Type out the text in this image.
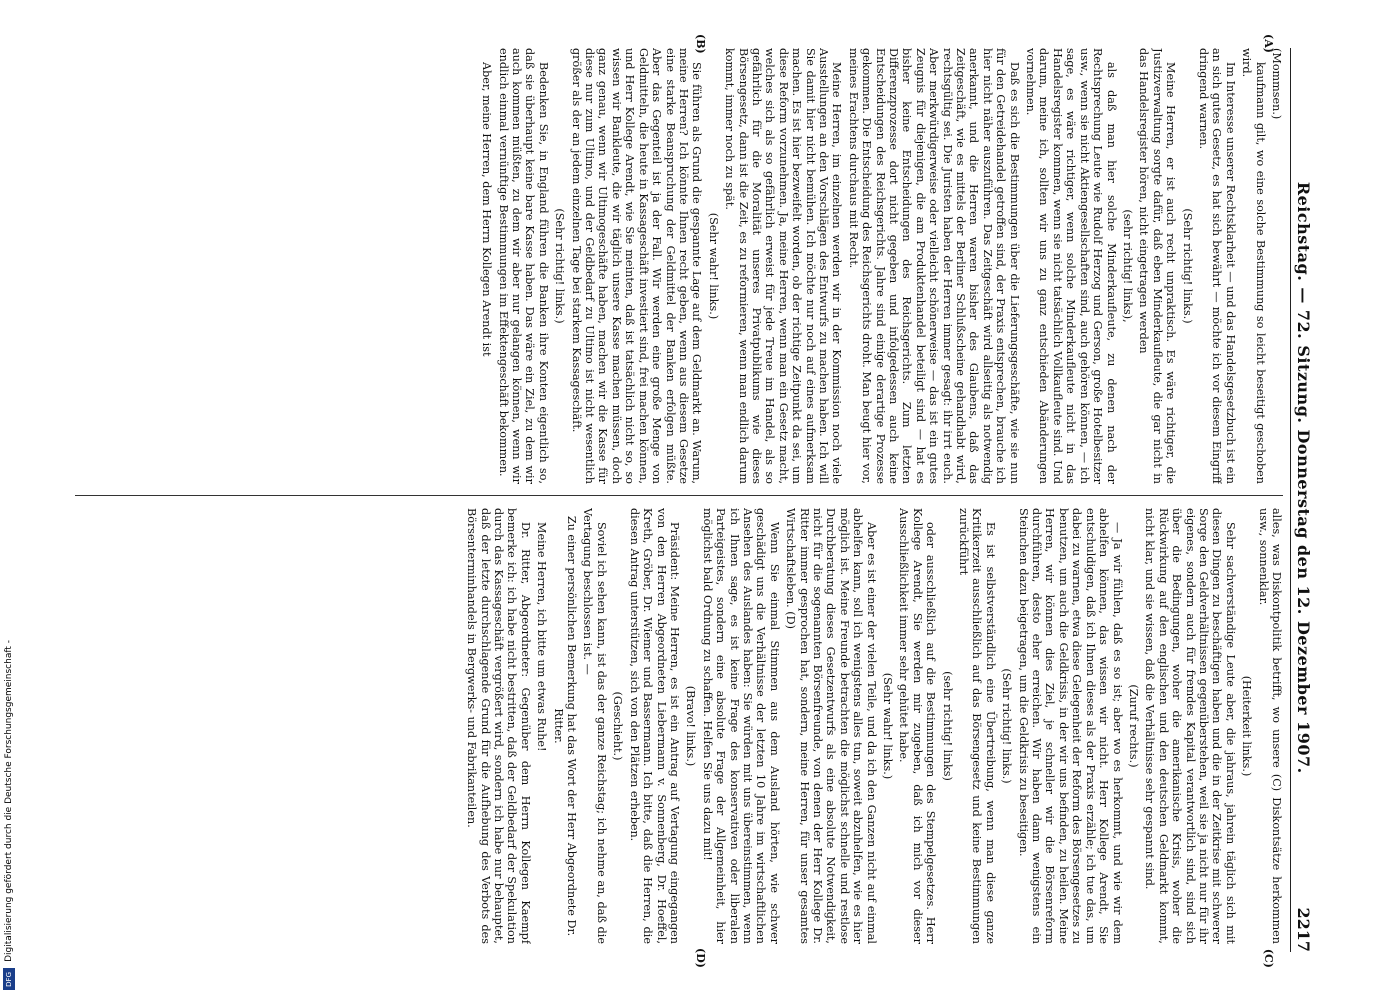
Digitalisierung gefördert durch die Deutsche Forschungsgemeinschaft -
DFG
Reichstag. — 72. Sitzung. Donnerstag den 12. Dezember 1907.
2217
(A)
(B)
(C)
(D)

(Mommsen.)

kaufmann gilt, wo eine solche Bestimmung so leicht beseitigt geschoben wird.

Im Interesse unserer Rechtsklarheit — und das Handelsgesetzbuch ist ein an sich gutes Gesetz, es hat sich bewährt — möchte ich vor diesem Eingriff dringend warnen.

(Sehr richtig! links.)

Meine Herren, er ist auch recht unpraktisch. Es wäre richtiger, die Justizverwaltung sorgte dafür, daß eben Minderkaufleute, die gar nicht in das Handelsregister hören, nicht eingetragen werden

(sehr richtig! links),

als daß man hier solche Minderkaufleute, zu denen nach der Rechtsprechung Leute wie Rudolf Herzog und Gerson, große Hotelbesitzer usw., wenn sie nicht Aktiengesellschaften sind, auch gehören können, — ich sage, es wäre richtiger, wenn solche Minderkaufleute nicht in das Handelsregister kommen, wenn sie nicht tatsächlich Vollkaufleute sind. Und darum, meine ich, sollten wir uns zu ganz entschieden Abänderungen vornehmen.

Daß es sich die Bestimmungen über die Lieferungsgeschäfte, wie sie nun für den Getreidehandel getroffen sind, der Praxis entsprechen, brauche ich hier nicht näher auszuführen. Das Zeitgeschäft wird allseitig als notwendig anerkannt, und die Herren waren bisher des Glaubens, daß das Zeitgeschäft, wie es mittels der Berliner Schlußscheine gehandhabt wird, rechtsgültig sei. Die Juristen haben der Herren immer gesagt: ihr irrt euch. Aber merkwürdigerweise oder vielleicht schönerweise — das ist ein gutes Zeugnis für diejenigen, die am Produktenhandel beteiligt sind — hat es bisher keine Entscheidungen des Reichsgerichts. Zum letzten Differenzprozesse dort nicht gegeben und infolgedessen auch keine Entscheidungen des Reichsgerichts. Jahre sind einige derartige Prozesse gekommen. Die Entscheidung des Reichsgerichts droht. Man beugt hier vor, meines Erachtens durchaus mit Recht.

Meine Herren, im einzelnen werden wir in der Kommission noch viele Ausstellungen an den Vorschlägen des Entwurfs zu machen haben. Ich will Sie damit hier nicht bemühen. Ich möchte nur noch auf eines aufmerksam machen. Es ist hier bezweifelt worden, ob der richtige Zeitpunkt da sei, um diese Reform vorzunehmen. Ja, meine Herren, wenn man ein Gesetz macht, welches sich als so gefährlich erweist für jede Treue im Handel, als so gefährlich für die Moralität unseres Privatpublikums wie dieses Börsengesetz, dann ist die Zeit, es zu reformieren, wenn man endlich darum kommt, immer noch zu spät.

(Sehr wahr! links.)

Sie führen als Grund die gespannte Lage auf dem Geldmarkt an. Warum, meine Herren? Ich könnte Ihnen recht geben, wenn aus diesem Gesetze eine starke Beanspruchung der Geldmittel der Banken erfolgen müßte. Aber das Gegenteil ist ja der Fall. Wir werden eine große Menge von Geldmitteln, die heute in Kassageschäft investiert sind, frei machen können, und Herr Kollege Arendt, wie Sie meinten, daß ist tatsächlich nicht so, so wissen wir Bankleute, die wir täglich unsere Kasse machen müssen, doch ganz genau, wenn wir Ultimogeschäfte haben, machen wir die Kasse für diese nur zum Ultimo, und der Geldbedarf zu Ultimo ist nicht wesentlich größer als der an jedem einzelnen Tage bei starkem Kassageschäft.

(Sehr richtig! links.)

Bedenken Sie, in England führen die Banken ihre Konten eigentlich so, daß sie überhaupt keine bare Kasse haben. Das wäre ein Ziel, zu dem wir auch kommen müßten, zu dem wir aber nur gelangen können, wenn wir endlich einmal vernünftige Bestimmungen im Effektengeschäft bekommen.

Aber, meine Herren, dem Herrn Kollegen Arendt ist

alles, was Diskontpolitik betrifft, wo unsere (C) Diskontsätze herkommen usw., sonnenklar.

(Heiterkeit links.)

Sehr sachverständige Leute aber, die jahraus, jahrein täglich sich mit diesen Dingen zu beschäftigen haben und die in der Zeitkrise mit schwerer Sorge den Geldverhältnissen gegenüberstehen, weil sie ja nicht nur für ihr eigenes, sondern auch für fremdes Kapital verantwortlich sind, sind sich über die Bedingungen, woher die amerikanische Krisis, woher die Rückwirkung auf den englischen und den deutschen Geldmarkt kommt, nicht klar, und sie wissen, daß die Verhältnisse sehr gespannt sind.

(Zuruf rechts.)

— Ja wir fühlen, daß es so ist; aber wo es herkommt, und wie wir dem abhelfen können, das wissen wir nicht. Herr Kollege Arendt, Sie entschuldigen, daß ich Ihnen dieses als der Praxis erzähle; ich tue das, um dabei zu warnen, etwa diese Gelegenheit der Reform des Börsengesetzes zu benutzen, um auch die Geldkrisis, in der wir uns befinden, zu heilen. Meine Herren, wir können dies Ziel, je schneller wir die Börsenreform durchführen, desto eher erreichen. Wir haben dann wenigstens ein Steinchen dazu beigetragen, um die Geldkrisis zu beseitigen.

(Sehr richtig! links.)

Es ist selbstverständlich eine Übertreibung, wenn man diese ganze Kritikerzeit ausschließlich auf das Börsengesetz und keine Bestimmungen zurückführt

(sehr richtig! links)

oder ausschließlich auf die Bestimmungen des Stempelgesetzes. Herr Kollege Arendt, Sie werden mir zugeben, daß ich mich vor dieser Ausschließlichkeit immer sehr gehütet habe.

(Sehr wahr! links.)

Aber es ist einer der vielen Teile, und da ich den Ganzen nicht auf einmal abhelfen kann, soll ich wenigstens alles tun, soweit abzuhelfen, wie es hier möglich ist. Meine Freunde betrachten die möglichst schnelle und restlose Durchberatung dieses Gesetzentwurfs als eine absolute Notwendigkeit, nicht für die sogenannten Börsenfreunde, von denen der Herr Kollege Dr. Ritter immer gesprochen hat, sondern, meine Herren, für unser gesamtes Wirtschaftsleben. (D)

Wenn Sie einmal Stimmen aus dem Ausland hörten, wie schwer geschädigt uns die Verhältnisse der letzten 10 Jahre im wirtschaftlichen Ansehen des Auslandes haben: Sie würden mit uns übereinstimmen, wenn ich Ihnen sage, es ist keine Frage des konservativen oder liberalen Parteigeistes, sondern eine absolute Frage der Allgemeinheit, hier möglichst bald Ordnung zu schaffen. Helfen Sie uns dazu mit!

(Bravo! links.)

Präsident: Meine Herren, es ist ein Antrag auf Vertagung eingegangen von den Herren Abgeordneten Liebermann v. Sonnenberg, Dr. Hoeffel, Kreth, Gröber, Dr. Wiemer und Bassermann. Ich bitte, daß die Herren, die diesen Antrag unterstützen, sich von den Plätzen erheben.

(Geschieht.)

Soviel ich sehen kann, ist das der ganze Reichstag; ich nehme an, daß die Vertagung beschlossen ist. —

Zu einer persönlichen Bemerkung hat das Wort der Herr Abgeordnete Dr. Ritter.

Meine Herren, ich bitte um etwas Ruhe!

Dr. Ritter, Abgeordneter: Gegenüber dem Herrn Kollegen Kaempf bemerke ich: ich habe nicht bestritten, daß der Geldbedarf der Spekulation durch das Kassageschäft vergrößert wird, sondern ich habe nur behauptet, daß der letzte durchschlagende Grund für die Aufhebung des Verbots des Börsenterminhandels in Bergwerks- und Fabrikanteilen.
